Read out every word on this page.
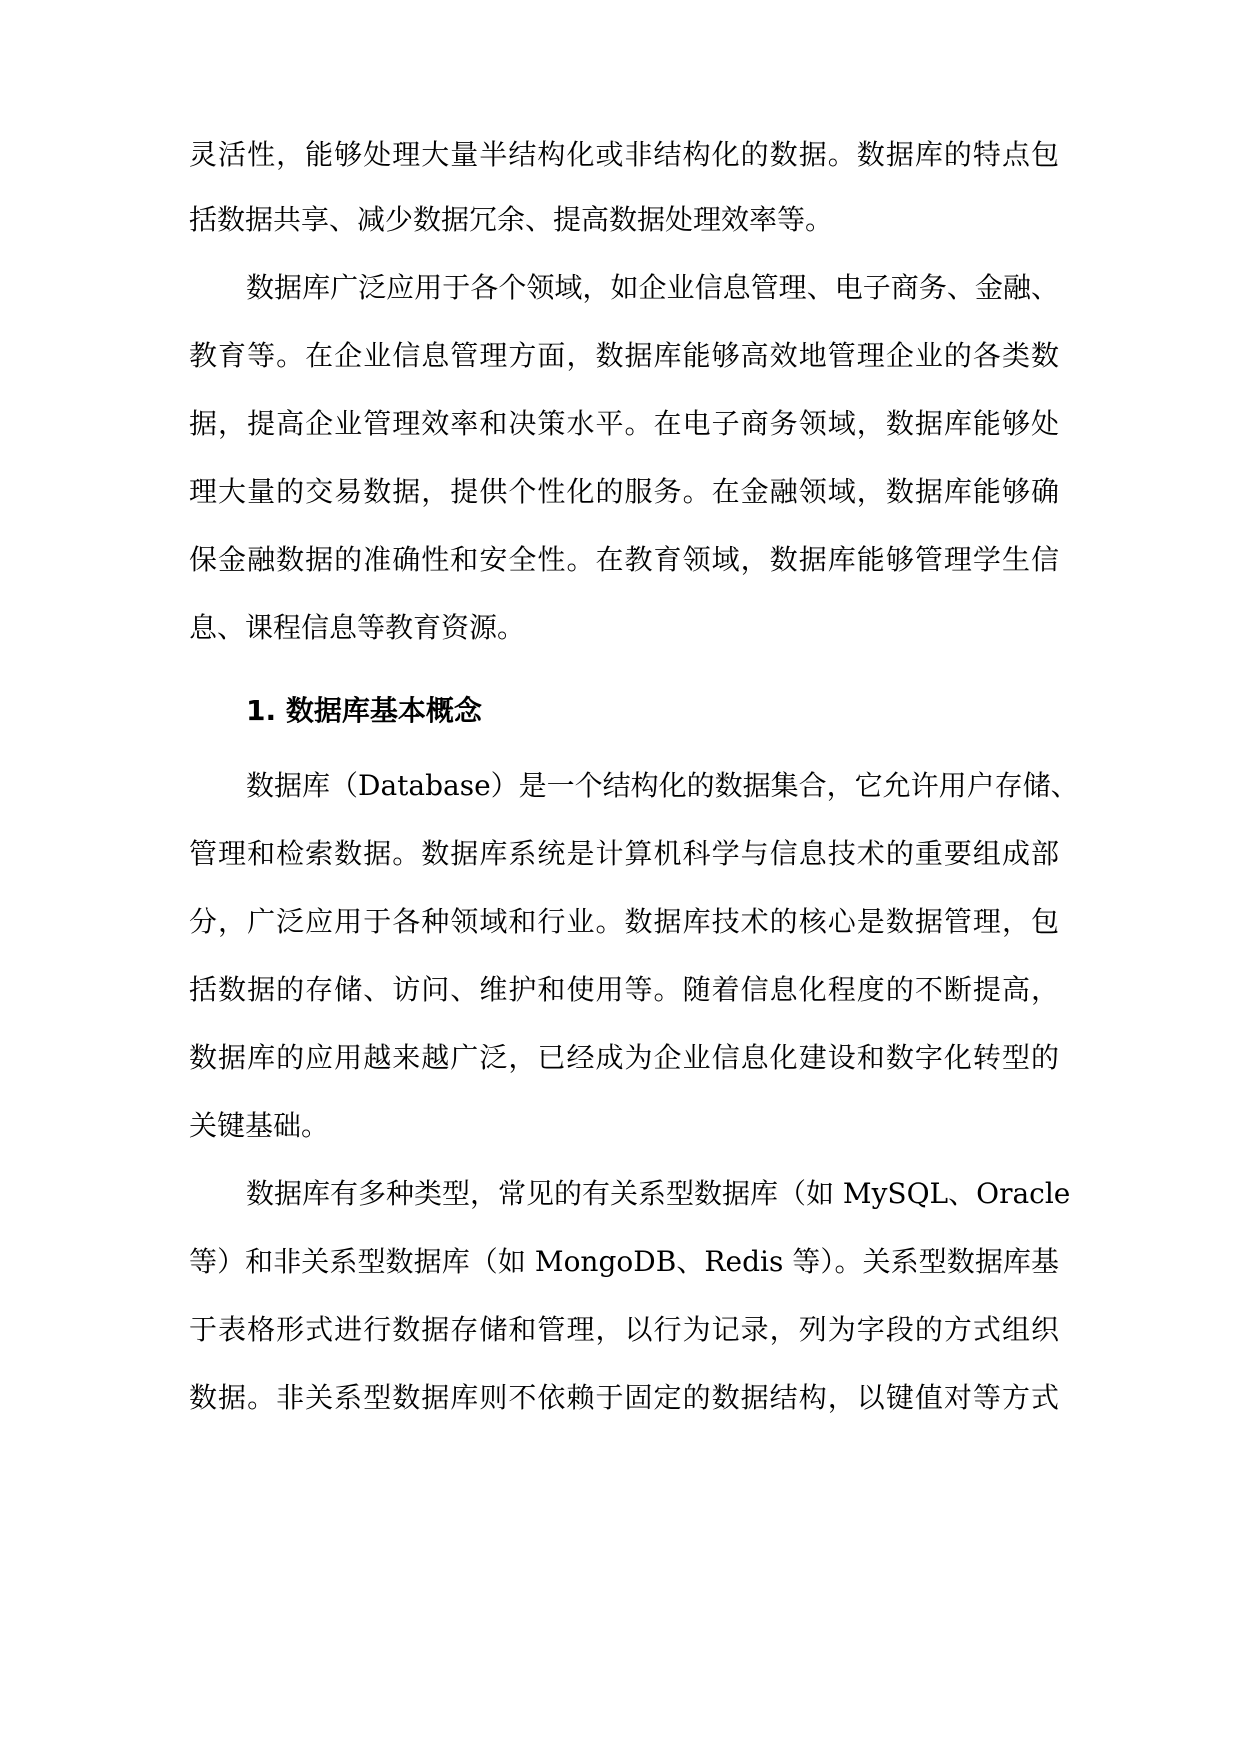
灵活性，能够处理大量半结构化或非结构化的数据。数据库的特点包
括数据共享、减少数据冗余、提高数据处理效率等。
数据库广泛应用于各个领域，如企业信息管理、电子商务、金融、
教育等。在企业信息管理方面，数据库能够高效地管理企业的各类数
据，提高企业管理效率和决策水平。在电子商务领域，数据库能够处
理大量的交易数据，提供个性化的服务。在金融领域，数据库能够确
保金融数据的准确性和安全性。在教育领域，数据库能够管理学生信
息、课程信息等教育资源。
1. 数据库基本概念
数据库（Database）是一个结构化的数据集合，它允许用户存储、
管理和检索数据。数据库系统是计算机科学与信息技术的重要组成部
分，广泛应用于各种领域和行业。数据库技术的核心是数据管理，包
括数据的存储、访问、维护和使用等。随着信息化程度的不断提高，
数据库的应用越来越广泛，已经成为企业信息化建设和数字化转型的
关键基础。
数据库有多种类型，常见的有关系型数据库（如 MySQL、Oracle
等）和非关系型数据库（如 MongoDB、Redis 等）。关系型数据库基
于表格形式进行数据存储和管理，以行为记录，列为字段的方式组织
数据。非关系型数据库则不依赖于固定的数据结构，以键值对等方式
